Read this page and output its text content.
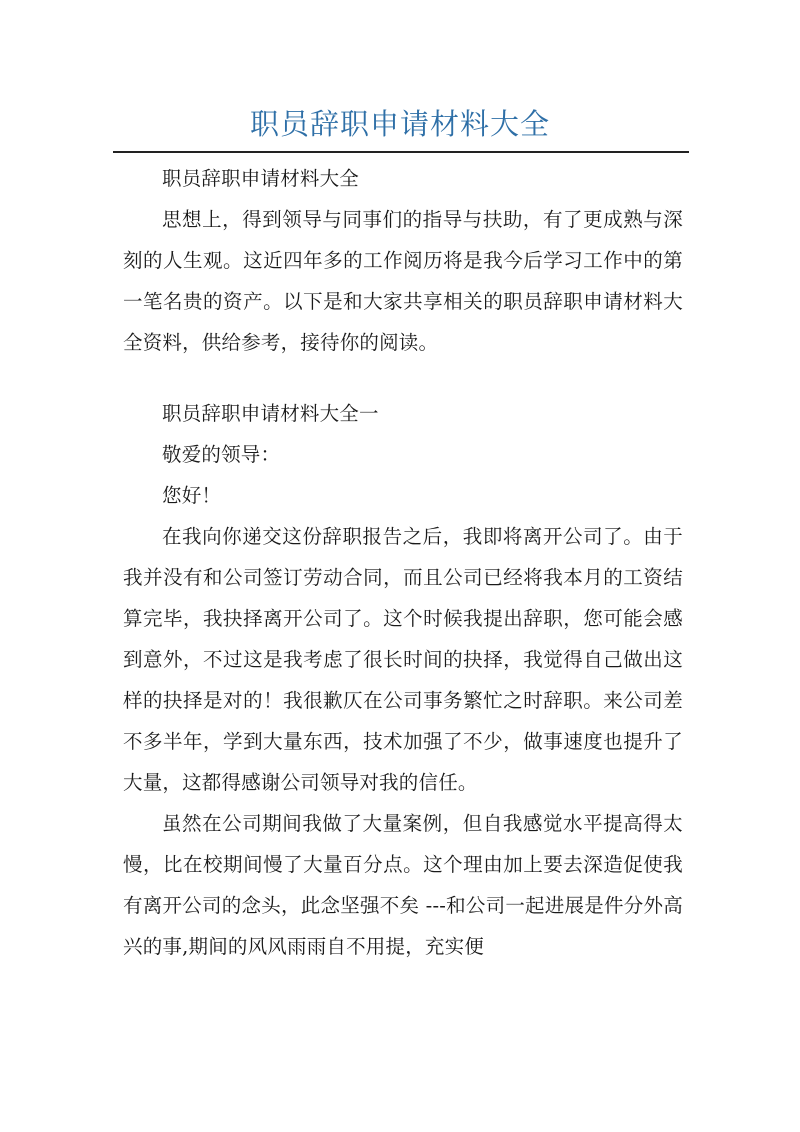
职员辞职申请材料大全

职员辞职申请材料大全

思想上，得到领导与同事们的指导与扶助，有了更成熟与深刻的人生观。这近四年多的工作阅历将是我今后学习工作中的第一笔名贵的资产。以下是和大家共享相关的职员辞职申请材料大全资料，供给参考，接待你的阅读。

职员辞职申请材料大全一

敬爱的领导：

您好！

在我向你递交这份辞职报告之后，我即将离开公司了。由于我并没有和公司签订劳动合同，而且公司已经将我本月的工资结算完毕，我抉择离开公司了。这个时候我提出辞职，您可能会感到意外，不过这是我考虑了很长时间的抉择，我觉得自己做出这样的抉择是对的！我很歉仄在公司事务繁忙之时辞职。来公司差不多半年，学到大量东西，技术加强了不少，做事速度也提升了大量，这都得感谢公司领导对我的信任。

虽然在公司期间我做了大量案例，但自我感觉水平提高得太慢，比在校期间慢了大量百分点。这个理由加上要去深造促使我有离开公司的念头，此念坚强不矣 ---和公司一起进展是件分外高兴的事,期间的风风雨雨自不用提，充实便
